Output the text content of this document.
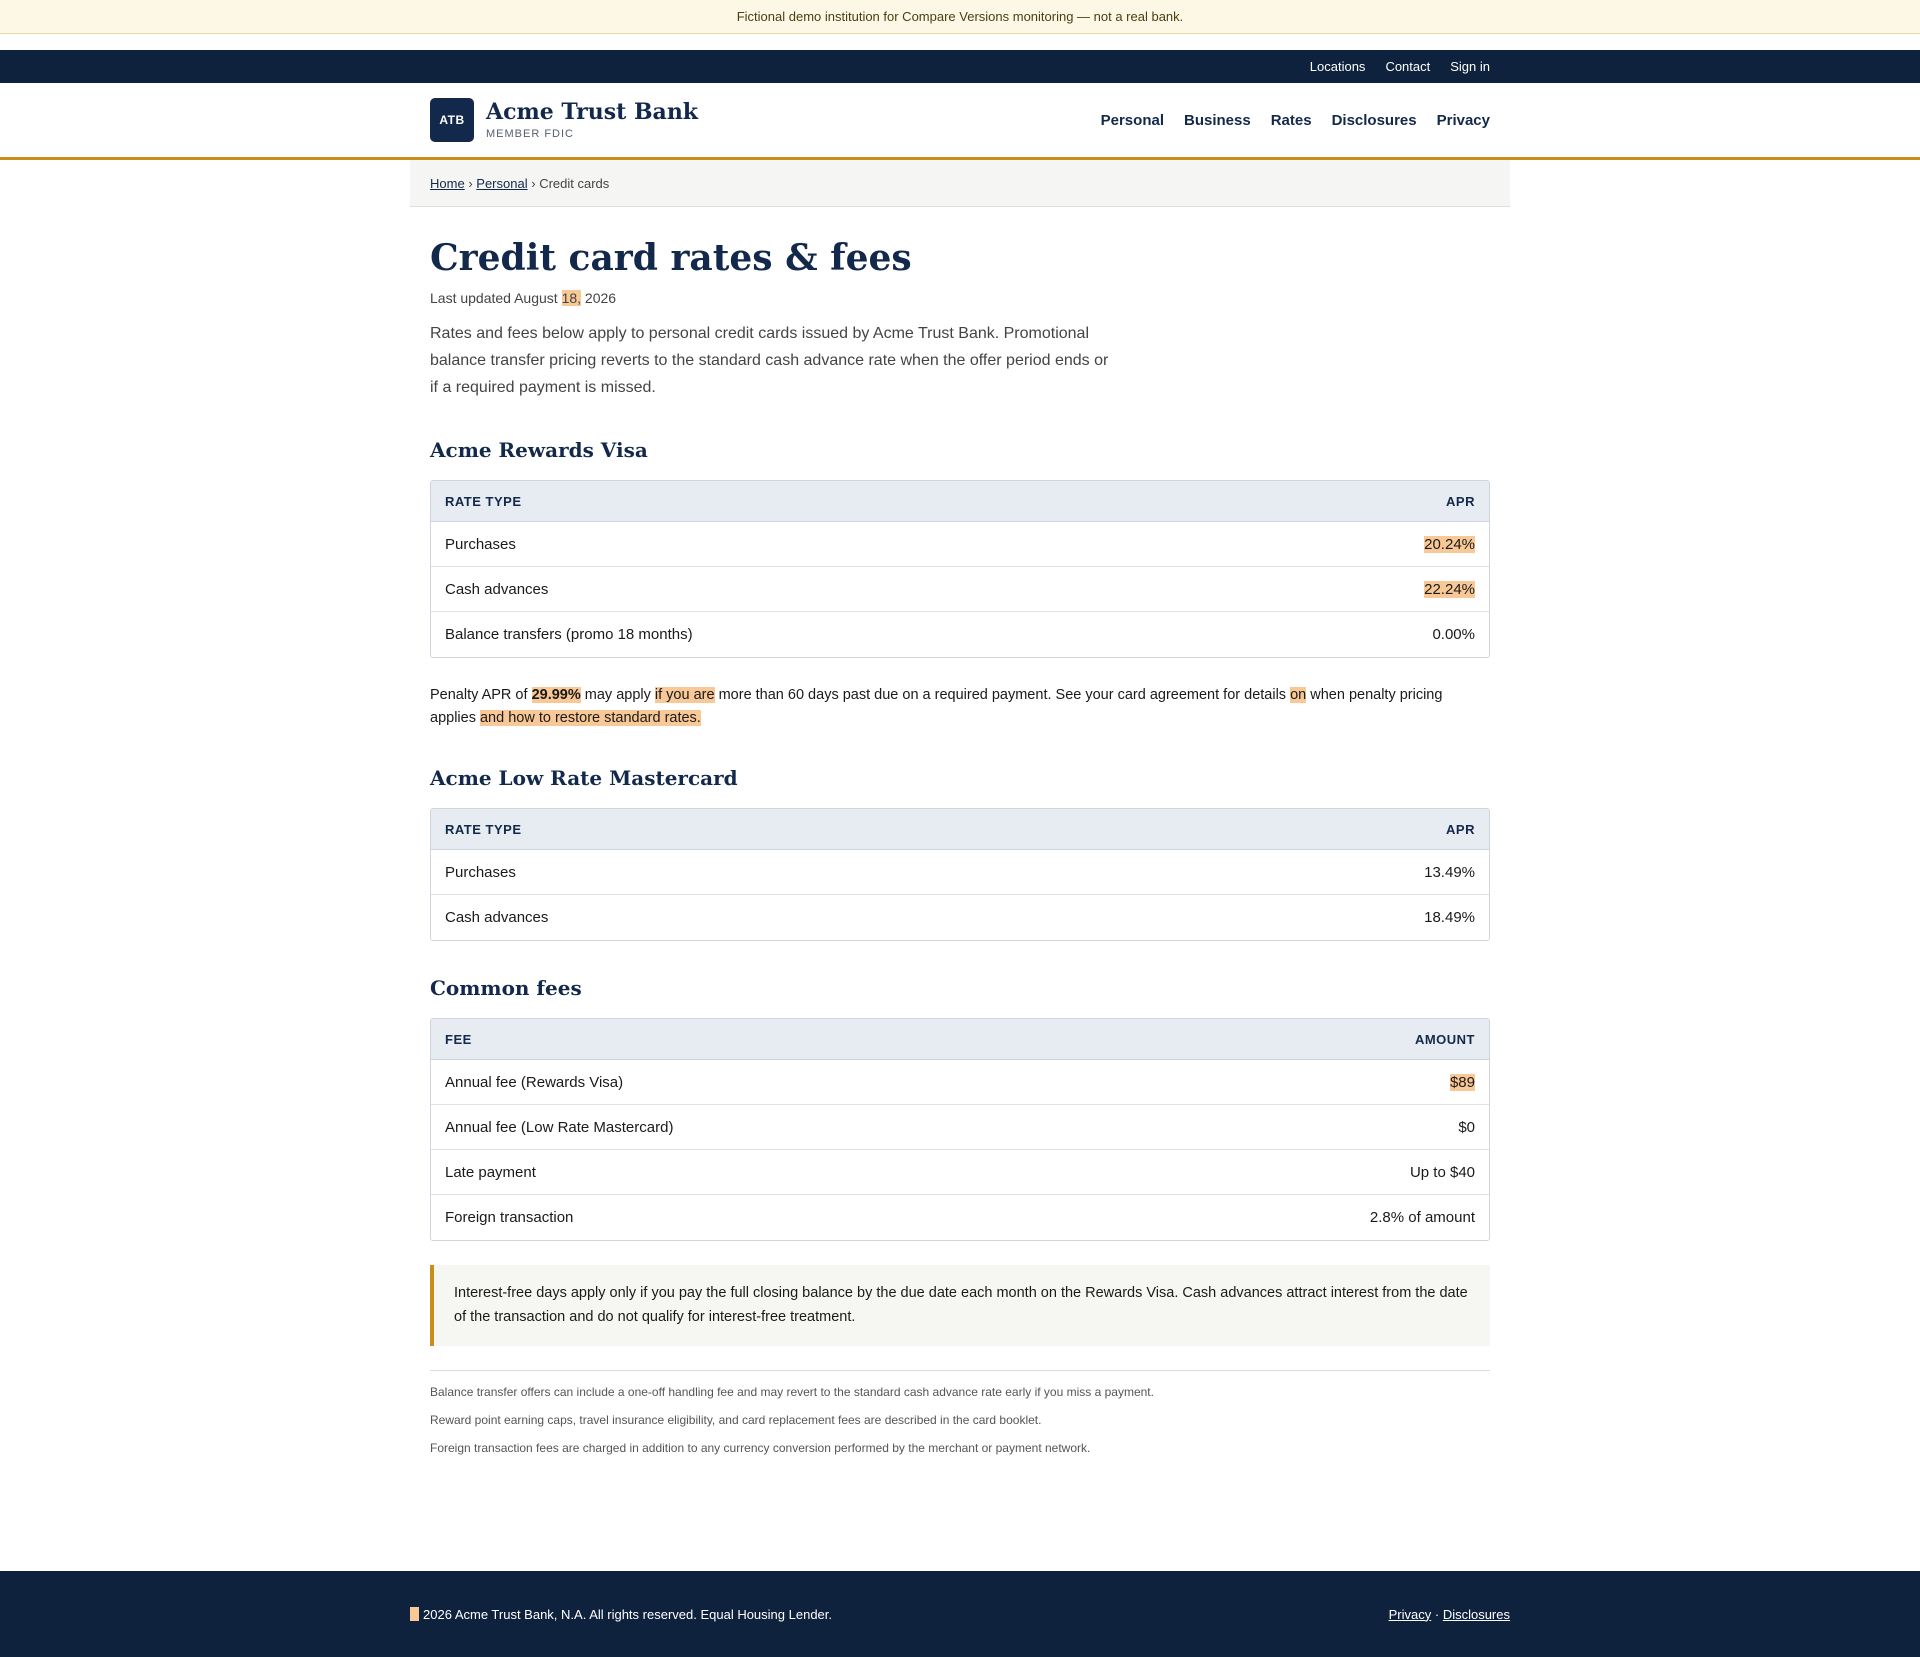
Fictional demo institution for Compare Versions monitoring — not a real bank.
Locations Contact Sign in
ATB Acme Trust Bank
MEMBER FDIC
Personal Business Rates Disclosures Privacy
Home › Personal › Credit cards
Credit card rates & fees
Last updated August 18, 2026

Rates and fees below apply to personal credit cards issued by Acme Trust Bank. Promotional balance transfer pricing reverts to the standard cash advance rate when the offer period ends or if a required payment is missed.

Acme Rewards Visa
RATE TYPE	APR
Purchases	20.24%
Cash advances	22.24%
Balance transfers (promo 18 months)	0.00%

Penalty APR of 29.99% may apply if you are more than 60 days past due on a required payment. See your card agreement for details on when penalty pricing applies and how to restore standard rates.

Acme Low Rate Mastercard
RATE TYPE	APR
Purchases	13.49%
Cash advances	18.49%
Common fees
FEE	AMOUNT
Annual fee (Rewards Visa)	$89
Annual fee (Low Rate Mastercard)	$0
Late payment	Up to $40
Foreign transaction	2.8% of amount
Interest-free days apply only if you pay the full closing balance by the due date each month on the Rewards Visa. Cash advances attract interest from the date of the transaction and do not qualify for interest-free treatment.

Balance transfer offers can include a one-off handling fee and may revert to the standard cash advance rate early if you miss a payment.

Reward point earning caps, travel insurance eligibility, and card replacement fees are described in the card booklet.

Foreign transaction fees are charged in addition to any currency conversion performed by the merchant or payment network.

2026 Acme Trust Bank, N.A. All rights reserved. Equal Housing Lender.	Privacy · Disclosures
